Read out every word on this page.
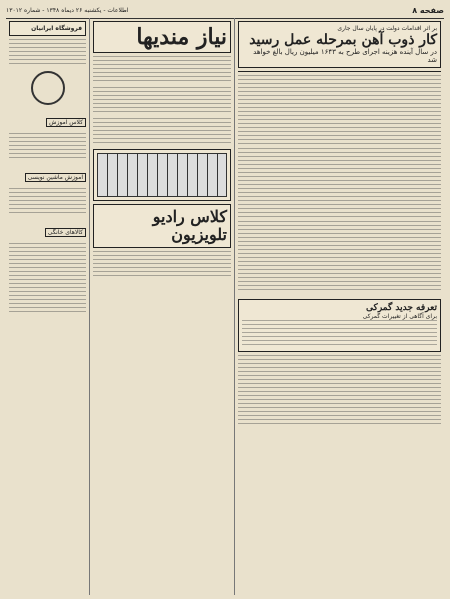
صفحه ۸
اطلاعات - یکشنبه ۲۶ دیماه ۱۳۴۸ - شماره ۱۳۰۱۲
بر اثر اقدامات دولت در پایان سال جاری
کار ذوب آهن بمرحله عمل رسید
در سال آینده هزینه اجرای طرح به ۱۶۴۳ میلیون ریال بالغ خواهد شد
تعرفه جدید گمرکی
برای آگاهی از تغییرات گمرکی
نیاز مندیها
کلاس رادیو تلویزیون
فروشگاه ایرانیان
کلاس آموزش
آموزش ماشین نویسی
کالاهای خانگی
